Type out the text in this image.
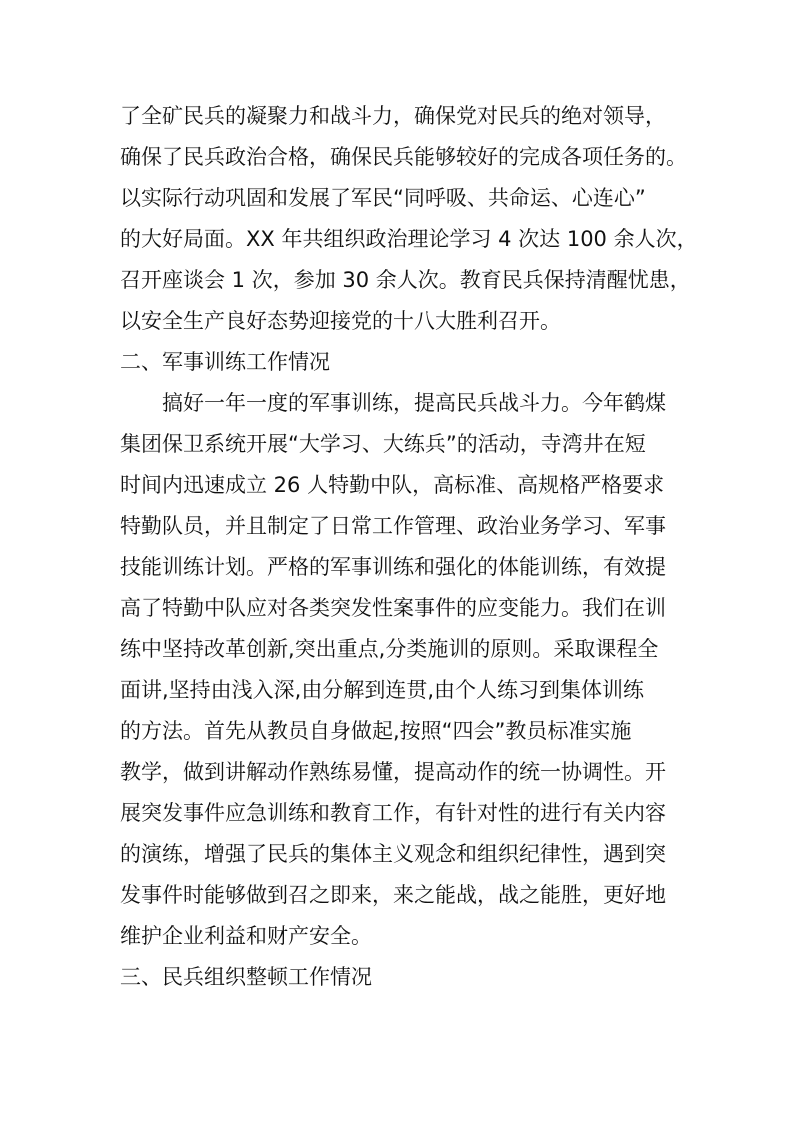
了全矿民兵的凝聚力和战斗力，确保党对民兵的绝对领导，
确保了民兵政治合格，确保民兵能够较好的完成各项任务的。
以实际行动巩固和发展了军民“同呼吸、共命运、心连心”
的大好局面。XX 年共组织政治理论学习 4 次达 100 余人次，
召开座谈会 1 次，参加 30 余人次。教育民兵保持清醒忧患，
以安全生产良好态势迎接党的十八大胜利召开。
二、军事训练工作情况
搞好一年一度的军事训练，提高民兵战斗力。今年鹤煤
集团保卫系统开展“大学习、大练兵”的活动，寺湾井在短
时间内迅速成立 26 人特勤中队，高标准、高规格严格要求
特勤队员，并且制定了日常工作管理、政治业务学习、军事
技能训练计划。严格的军事训练和强化的体能训练，有效提
高了特勤中队应对各类突发性案事件的应变能力。我们在训
练中坚持改革创新,突出重点,分类施训的原则。采取课程全
面讲,坚持由浅入深,由分解到连贯,由个人练习到集体训练
的方法。首先从教员自身做起,按照“四会”教员标准实施
教学，做到讲解动作熟练易懂，提高动作的统一协调性。开
展突发事件应急训练和教育工作，有针对性的进行有关内容
的演练，增强了民兵的集体主义观念和组织纪律性，遇到突
发事件时能够做到召之即来，来之能战，战之能胜，更好地
维护企业利益和财产安全。
三、民兵组织整顿工作情况
